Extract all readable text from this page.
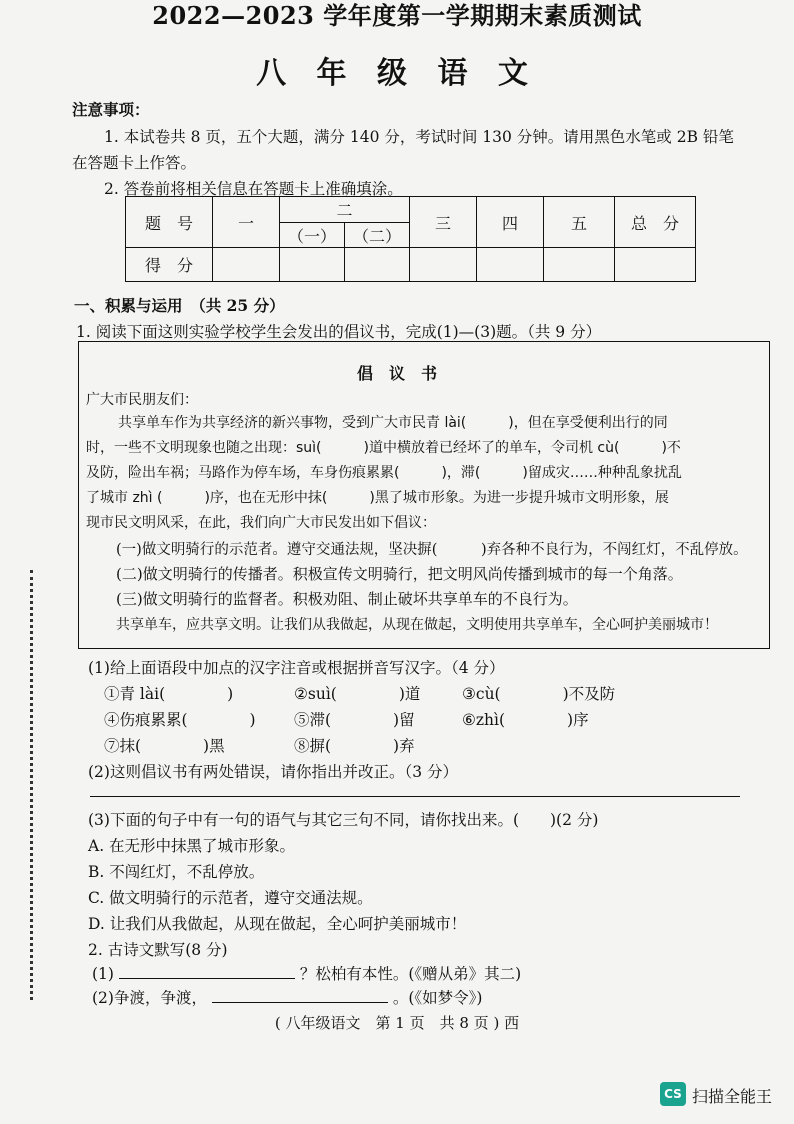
2022—2023 学年度第一学期期末素质测试
八 年 级 语 文
注意事项：
1. 本试卷共 8 页，五个大题，满分 140 分，考试时间 130 分钟。请用黑色水笔或 2B 铅笔
在答题卡上作答。
2. 答卷前将相关信息在答题卡上准确填涂。
题　号	一	二		三	四	五	总　分
		（一）	（二）				
得　分							
一、积累与运用　（共 25 分）
1. 阅读下面这则实验学校学生会发出的倡议书，完成(1)—(3)题。（共 9 分）
倡　议　书
广大市民朋友们：
共享单车作为共享经济的新兴事物，受到广大市民青 lài(　　　)，但在享受便利出行的同
时，一些不文明现象也随之出现：suì(　　　)道中横放着已经坏了的单车，令司机 cù(　　　)不
及防，险出车祸；马路作为停车场，车身伤痕累累(　　　)，滞(　　　)留成灾……种种乱象扰乱
了城市 zhì (　　　)序，也在无形中抹(　　　)黑了城市形象。为进一步提升城市文明形象，展
现市民文明风采，在此，我们向广大市民发出如下倡议：
(一)做文明骑行的示范者。遵守交通法规，坚决摒(　　　)弃各种不良行为，不闯红灯，不乱停放。
(二)做文明骑行的传播者。积极宣传文明骑行，把文明风尚传播到城市的每一个角落。
(三)做文明骑行的监督者。积极劝阻、制止破坏共享单车的不良行为。
共享单车，应共享文明。让我们从我做起，从现在做起，文明使用共享单车，全心呵护美丽城市！
(1)给上面语段中加点的汉字注音或根据拼音写汉字。（4 分）
①青 lài(　　　　)	②suì(　　　　)道	③cù(　　　　)不及防
④伤痕累累(　　　　) ⑤滞(　　　　)留	⑥zhì(　　　　)序
⑦抹(　　　　)黑	⑧摒(　　　　)弃
(2)这则倡议书有两处错误，请你指出并改正。（3 分）
(3)下面的句子中有一句的语气与其它三句不同，请你找出来。(　　)(2 分)
A. 在无形中抹黑了城市形象。
B. 不闯红灯，不乱停放。
C. 做文明骑行的示范者，遵守交通法规。
D. 让我们从我做起，从现在做起，全心呵护美丽城市！
2. 古诗文默写(8 分)
(1)	？松柏有本性。(《赠从弟》其二)
(2)争渡，争渡，	。(《如梦令》)
( 八年级语文　第 1 页　共 8 页 ) 西
CS 扫描全能王
